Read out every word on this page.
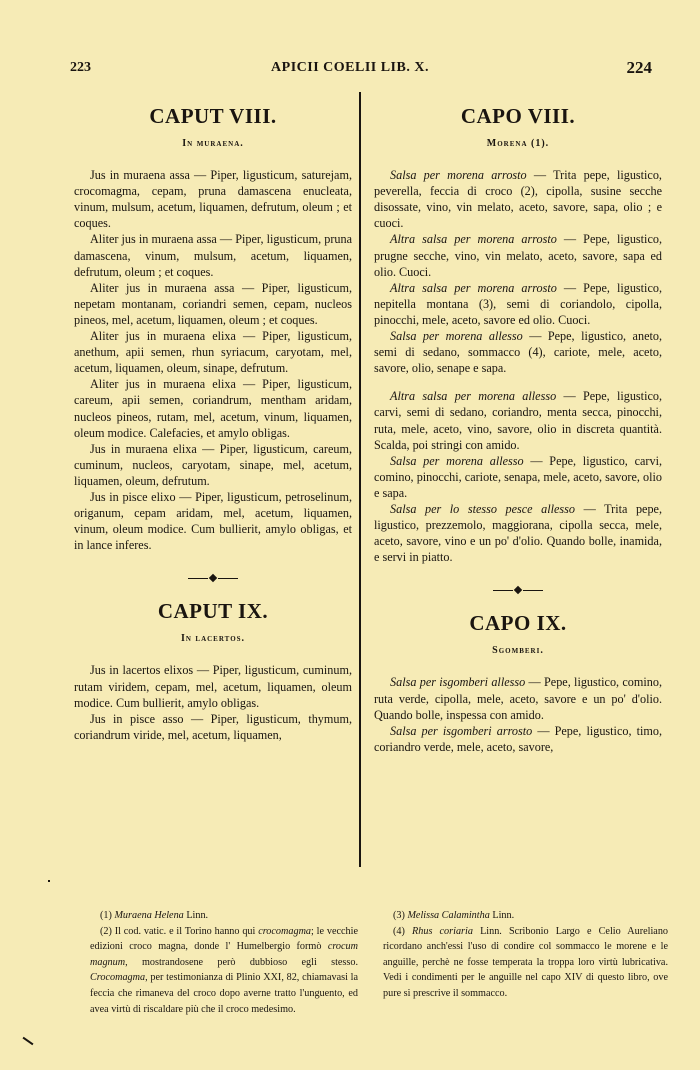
223	APICII COELII LIB. X.	224
CAPUT VIII.
In muraena.

Jus in muraena assa — Piper, ligusticum, saturejam, crocomagma, cepam, pruna damascena enucleata, vinum, mulsum, acetum, liquamen, defrutum, oleum ; et coques.

Aliter jus in muraena assa — Piper, ligusticum, pruna damascena, vinum, mulsum, acetum, liquamen, defrutum, oleum ; et coques.

Aliter jus in muraena assa — Piper, ligusticum, nepetam montanam, coriandri semen, cepam, nucleos pineos, mel, acetum, liquamen, oleum ; et coques.

Aliter jus in muraena elixa — Piper, ligusticum, anethum, apii semen, rhun syriacum, caryotam, mel, acetum, liquamen, oleum, sinape, defrutum.

Aliter jus in muraena elixa — Piper, ligusticum, careum, apii semen, coriandrum, mentham aridam, nucleos pineos, rutam, mel, acetum, vinum, liquamen, oleum modice. Calefacies, et amylo obligas.

Jus in muraena elixa — Piper, ligusticum, careum, cuminum, nucleos, caryotam, sinape, mel, acetum, liquamen, oleum, defrutum.

Jus in pisce elixo — Piper, ligusticum, petroselinum, origanum, cepam aridam, mel, acetum, liquamen, vinum, oleum modice. Cum bullierit, amylo obligas, et in lance inferes.

CAPUT IX.
In lacertos.

Jus in lacertos elixos — Piper, ligusticum, cuminum, rutam viridem, cepam, mel, acetum, liquamen, oleum modice. Cum bullierit, amylo obligas.

Jus in pisce asso — Piper, ligusticum, thymum, coriandrum viride, mel, acetum, liquamen,

CAPO VIII.
Morena (1).

Salsa per morena arrosto — Trita pepe, ligustico, peverella, feccia di croco (2), cipolla, susine secche disossate, vino, vin melato, aceto, savore, sapa, olio ; e cuoci.

Altra salsa per morena arrosto — Pepe, ligustico, prugne secche, vino, vin melato, aceto, savore, sapa ed olio. Cuoci.

Altra salsa per morena arrosto — Pepe, ligustico, nepitella montana (3), semi di coriandolo, cipolla, pinocchi, mele, aceto, savore ed olio. Cuoci.

Salsa per morena allesso — Pepe, ligustico, aneto, semi di sedano, sommacco (4), cariote, mele, aceto, savore, olio, senape e sapa.

Altra salsa per morena allesso — Pepe, ligustico, carvi, semi di sedano, coriandro, menta secca, pinocchi, ruta, mele, aceto, vino, savore, olio in discreta quantità. Scalda, poi stringi con amido.

Salsa per morena allesso — Pepe, ligustico, carvi, comino, pinocchi, cariote, senapa, mele, aceto, savore, olio e sapa.

Salsa per lo stesso pesce allesso — Trita pepe, ligustico, prezzemolo, maggiorana, cipolla secca, mele, aceto, savore, vino e un po' d'olio. Quando bolle, inamida, e servi in piatto.

CAPO IX.
Sgomberi.

Salsa per isgomberi allesso — Pepe, ligustico, comino, ruta verde, cipolla, mele, aceto, savore e un po' d'olio. Quando bolle, inspessa con amido.

Salsa per isgomberi arrosto — Pepe, ligustico, timo, coriandro verde, mele, aceto, savore,

(1) Muraena Helena Linn.

(2) Il cod. vatic. e il Torino hanno qui crocomagma; le vecchie edizioni croco magna, donde l' Humelbergio formò crocum magnum, mostrandosene però dubbioso egli stesso. Crocomagma, per testimonianza di Plinio XXI, 82, chiamavasi la feccia che rimaneva del croco dopo averne tratto l'unguento, ed avea virtù di riscaldare più che il croco medesimo.

(3) Melissa Calamintha Linn.

(4) Rhus coriaria Linn. Scribonio Largo e Celio Aureliano ricordano anch'essi l'uso di condire col sommacco le morene e le anguille, perchè ne fosse temperata la troppa loro virtù lubricativa. Vedi i condimenti per le anguille nel capo XIV di questo libro, ove pure si prescrive il sommacco.
